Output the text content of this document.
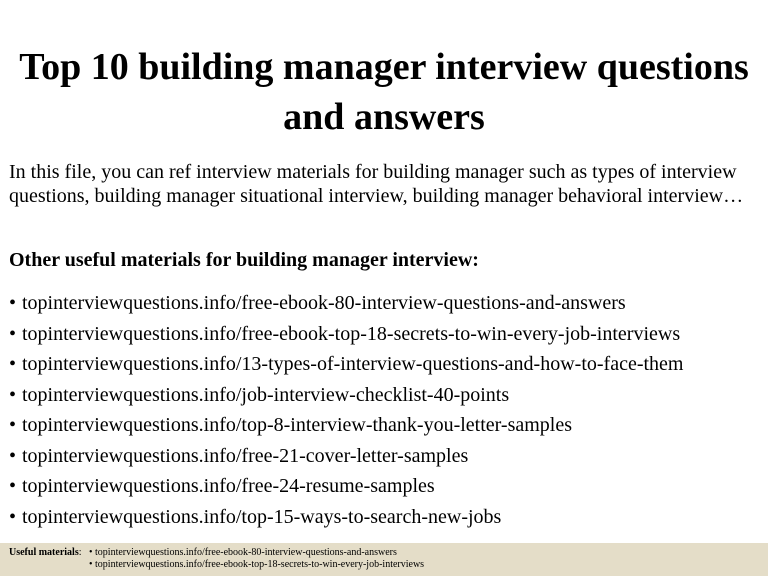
Top 10 building manager interview questions
and answers

In this file, you can ref interview materials for building manager such as types of interview questions, building manager situational interview, building manager behavioral interview…

Other useful materials for building manager interview:

• topinterviewquestions.info/free-ebook-80-interview-questions-and-answers
• topinterviewquestions.info/free-ebook-top-18-secrets-to-win-every-job-interviews
• topinterviewquestions.info/13-types-of-interview-questions-and-how-to-face-them
• topinterviewquestions.info/job-interview-checklist-40-points
• topinterviewquestions.info/top-8-interview-thank-you-letter-samples
• topinterviewquestions.info/free-21-cover-letter-samples
• topinterviewquestions.info/free-24-resume-samples
• topinterviewquestions.info/top-15-ways-to-search-new-jobs
Useful materials: • topinterviewquestions.info/free-ebook-80-interview-questions-and-answers
• topinterviewquestions.info/free-ebook-top-18-secrets-to-win-every-job-interviews
